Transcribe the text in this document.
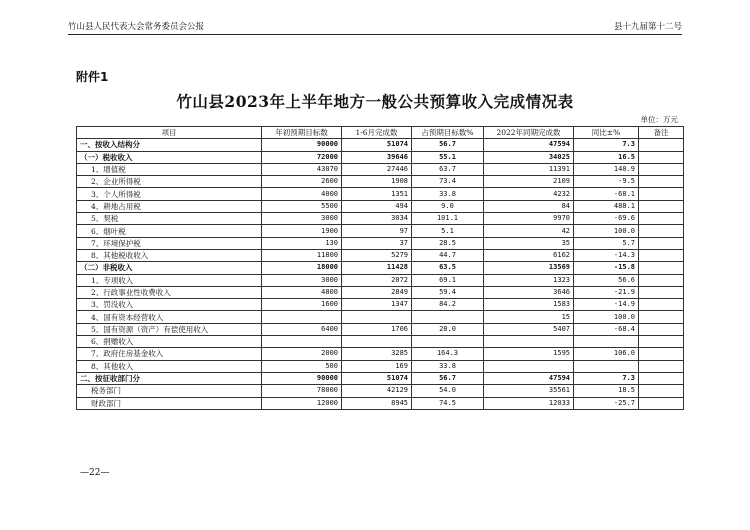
竹山县人民代表大会常务委员会公报	县十九届第十二号
附件1
竹山县2023年上半年地方一般公共预算收入完成情况表
单位：万元
项目	年初预期目标数	1-6月完成数	占预期目标数%	2022年同期完成数	同比±%	备注
一、按收入结构分	90000	51074	56.7	47594	7.3	
（一）税收收入	72000	39646	55.1	34025	16.5	
1、增值税	43070	27446	63.7	11391	140.9	
2、企业所得税	2600	1908	73.4	2109	-9.5	
3、个人所得税	4000	1351	33.8	4232	-68.1	
4、耕地占用税	5500	494	9.0	84	488.1	
5、契税	3000	3034	101.1	9970	-69.6	
6、烟叶税	1900	97	5.1	42	100.0	
7、环境保护税	130	37	28.5	35	5.7	
8、其他税收收入	11800	5279	44.7	6162	-14.3	
（二）非税收入	18000	11428	63.5	13569	-15.8	
1、专项收入	3000	2072	69.1	1323	56.6	
2、行政事业性收费收入	4800	2849	59.4	3646	-21.9	
3、罚没收入	1600	1347	84.2	1583	-14.9	
4、国有资本经营收入				15	100.0	
5、国有资源（资产）有偿使用收入	6400	1706	28.0	5407	-68.4	
6、捐赠收入						
7、政府住房基金收入	2000	3285	164.3	1595	106.0	
8、其他收入	500	169	33.8			
二、按征收部门分	90000	51074	56.7	47594	7.3	
税务部门	78000	42129	54.0	35561	18.5	
财政部门	12000	8945	74.5	12033	-25.7	
—22—
